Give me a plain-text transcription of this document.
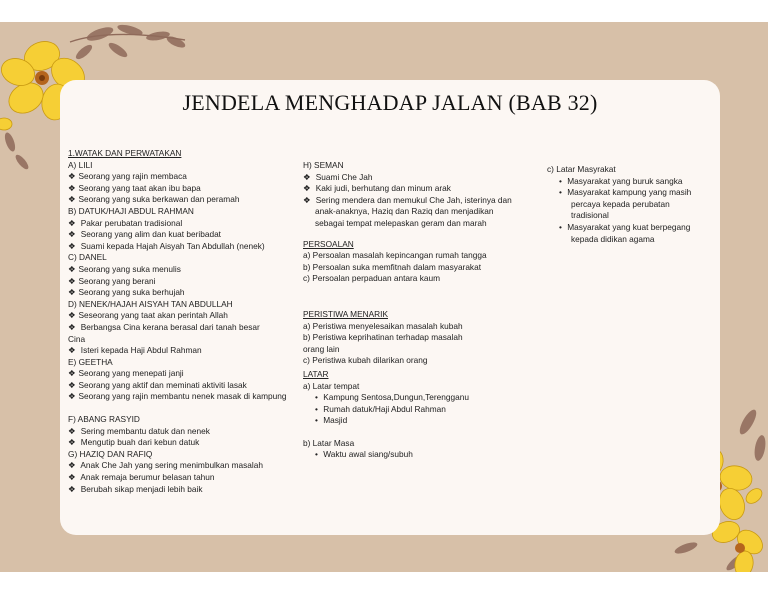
JENDELA MENGHADAP JALAN (BAB 32)
1.WATAK DAN PERWATAKAN
A) LILI
❖ Seorang yang rajin membaca
❖ Seorang yang taat akan ibu bapa
❖ Seorang yang suka berkawan dan peramah
B) DATUK/HAJI ABDUL RAHMAN
❖ Pakar perubatan tradisional
❖ Seorang yang alim dan kuat beribadat
❖ Suami kepada Hajah Aisyah Tan Abdullah (nenek)
C) DANEL
❖ Seorang yang suka menulis
❖ Seorang yang berani
❖ Seorang yang suka berhujah
D) NENEK/HAJAH AISYAH TAN ABDULLAH
❖ Seseorang yang taat akan perintah Allah
❖ Berbangsa Cina kerana berasal dari tanah besar
Cina
❖ Isteri kepada Haji Abdul Rahman
E) GEETHA
❖ Seorang yang menepati janji
❖ Seorang yang aktif dan meminati aktiviti lasak
❖ Seorang yang rajin membantu nenek masak di kampung
F) ABANG RASYID
❖ Sering membantu datuk dan nenek
❖ Mengutip buah dari kebun datuk
G) HAZIQ DAN RAFIQ
❖ Anak Che Jah yang sering menimbulkan masalah
❖ Anak remaja berumur belasan tahun
❖ Berubah sikap menjadi lebih baik
H) SEMAN
❖ Suami Che Jah
❖ Kaki judi, berhutang dan minum arak
❖ Sering mendera dan memukul Che Jah, isterinya dan anak-anaknya, Haziq dan Raziq dan menjadikan sebagai tempat melepaskan geram dan marah
PERSOALAN
a) Persoalan masalah kepincangan rumah tangga
b) Persoalan suka memfitnah dalam masyarakat
c) Persoalan perpaduan antara kaum
PERISTIWA MENARIK
a) Peristiwa menyelesaikan masalah kubah
b) Peristiwa keprihatinan terhadap masalah orang lain
c) Peristiwa kubah dilarikan orang
LATAR
a) Latar tempat
• Kampung Sentosa,Dungun,Terengganu
• Rumah datuk/Haji Abdul Rahman
• Masjid
b) Latar Masa
• Waktu awal siang/subuh
c) Latar Masyrakat
• Masyarakat yang buruk sangka
• Masyarakat kampung yang masih percaya kepada perubatan tradisional
• Masyarakat yang kuat berpegang kepada didikan agama
